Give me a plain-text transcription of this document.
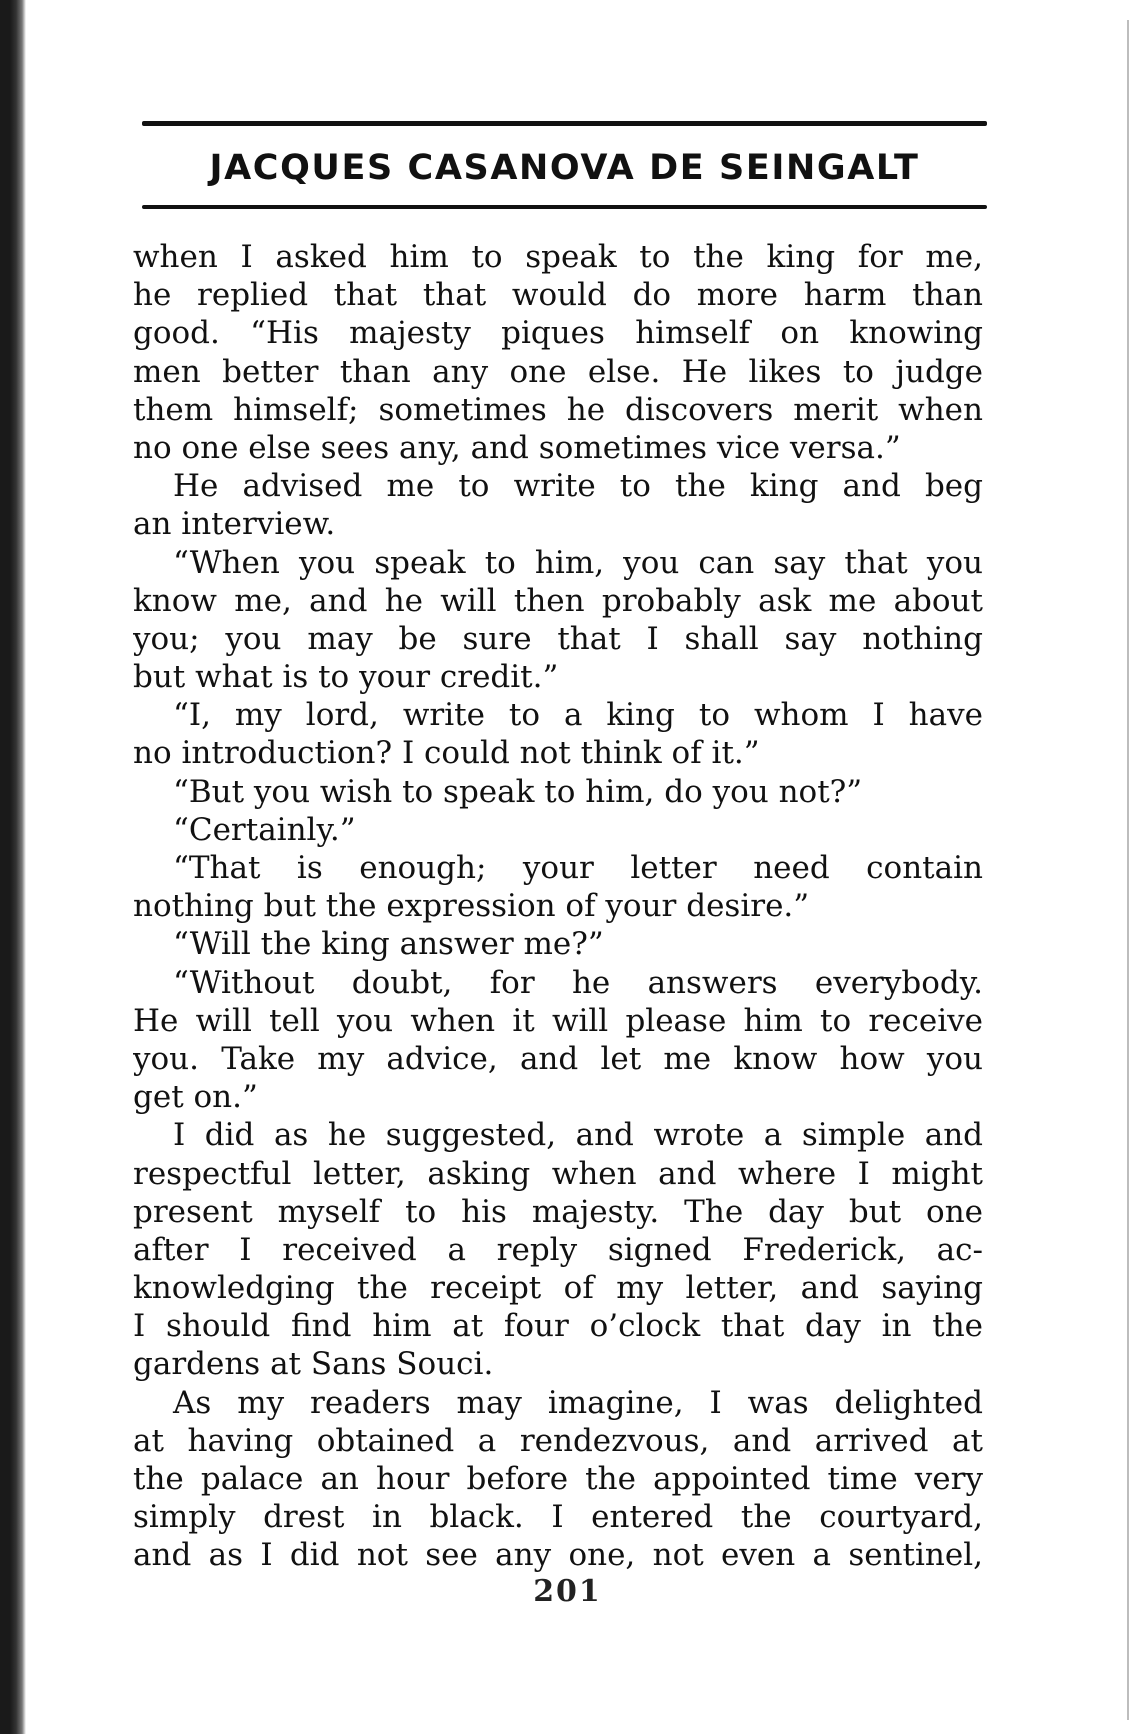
JACQUES CASANOVA DE SEINGALT
when I asked him to speak to the king for me,
he replied that that would do more harm than
good. “His majesty piques himself on knowing
men better than any one else. He likes to judge
them himself; sometimes he discovers merit when
no one else sees any, and sometimes vice versa.”
He advised me to write to the king and beg
an interview.
“When you speak to him, you can say that you
know me, and he will then probably ask me about
you; you may be sure that I shall say nothing
but what is to your credit.”
“I, my lord, write to a king to whom I have
no introduction? I could not think of it.”
“But you wish to speak to him, do you not?”
“Certainly.”
“That is enough; your letter need contain
nothing but the expression of your desire.”
“Will the king answer me?”
“Without doubt, for he answers everybody.
He will tell you when it will please him to receive
you. Take my advice, and let me know how you
get on.”
I did as he suggested, and wrote a simple and
respectful letter, asking when and where I might
present myself to his majesty. The day but one
after I received a reply signed Frederick, ac-
knowledging the receipt of my letter, and saying
I should find him at four o’clock that day in the
gardens at Sans Souci.
As my readers may imagine, I was delighted
at having obtained a rendezvous, and arrived at
the palace an hour before the appointed time very
simply drest in black. I entered the courtyard,
and as I did not see any one, not even a sentinel,
201
